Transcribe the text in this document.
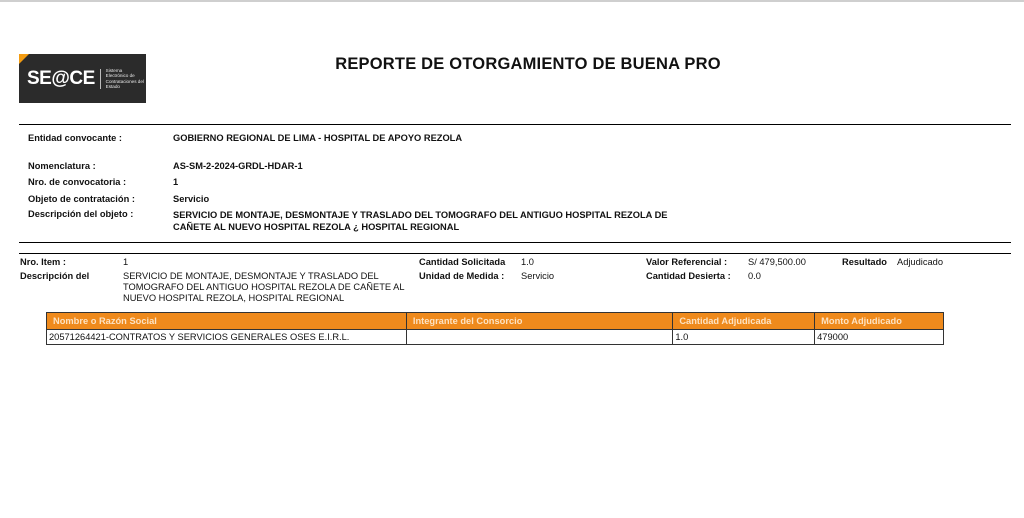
SE@CE Sistema Electrónico de Contrataciones del Estado
REPORTE DE OTORGAMIENTO DE BUENA PRO
Entidad convocante :	GOBIERNO REGIONAL DE LIMA - HOSPITAL DE APOYO REZOLA
Nomenclatura :	AS-SM-2-2024-GRDL-HDAR-1
Nro. de convocatoria :	1
Objeto de contratación :	Servicio
Descripción del objeto :	SERVICIO DE MONTAJE, DESMONTAJE Y TRASLADO DEL TOMOGRAFO DEL ANTIGUO HOSPITAL REZOLA DE CAÑETE AL NUEVO HOSPITAL REZOLA ¿ HOSPITAL REGIONAL
Nro. Item :	1
Descripción del	SERVICIO DE MONTAJE, DESMONTAJE Y TRASLADO DEL TOMOGRAFO DEL ANTIGUO HOSPITAL REZOLA DE CAÑETE AL NUEVO HOSPITAL REZOLA, HOSPITAL REGIONAL
Cantidad Solicitada 1.0
Unidad de Medida : Servicio
Valor Referencial : S/ 479,500.00
Cantidad Desierta : 0.0
Resultado Adjudicado
Nombre o Razón Social	Integrante del Consorcio	Cantidad Adjudicada	Monto Adjudicado
20571264421-CONTRATOS Y SERVICIOS GENERALES OSES E.I.R.L.		1.0	479000
